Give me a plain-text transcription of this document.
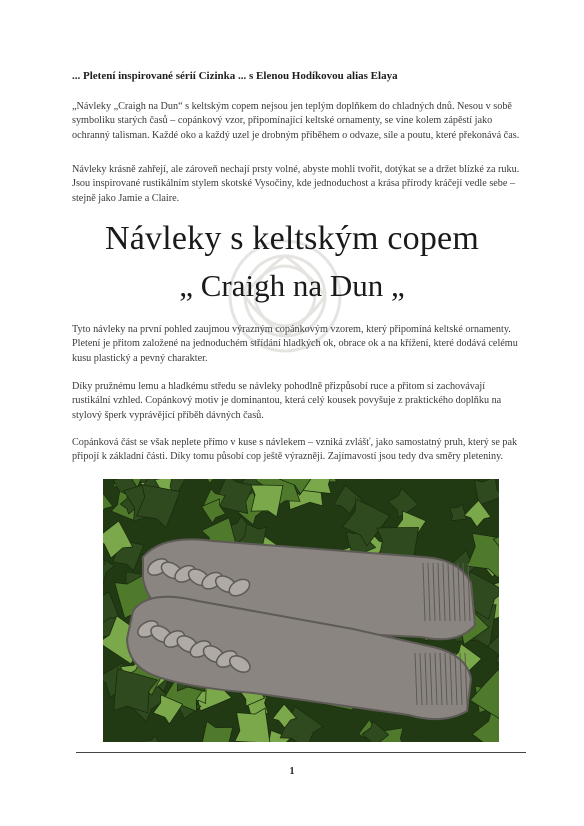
... Pletení inspirované sérií Cizinka ... s Elenou Hodíkovou alias Elaya

„Návleky „Craigh na Dun“ s keltským copem nejsou jen teplým doplňkem do chladných dnů. Nesou v sobě symboliku starých časů – copánkový vzor, připomínající keltské ornamenty, se vine kolem zápěstí jako ochranný talisman. Každé oko a každý uzel je drobným příběhem o odvaze, síle a poutu, které překonává čas.

Návleky krásně zahřejí, ale zároveň nechají prsty volné, abyste mohli tvořit, dotýkat se a držet blízké za ruku. Jsou inspirované rustikálním stylem skotské Vysočiny, kde jednoduchost a krása přírody kráčejí vedle sebe – stejně jako Jamie a Claire.

Návleky s keltským copem
„ Craigh na Dun „

Tyto návleky na první pohled zaujmou výrazným copánkovým vzorem, který připomíná keltské ornamenty. Pletení je přitom založené na jednoduchém střídání hladkých ok, obrace ok a na křížení, které dodává celému kusu plastický a pevný charakter.

Díky pružnému lemu a hladkému středu se návleky pohodlně přizpůsobí ruce a přitom si zachovávají rustikální vzhled. Copánkový motiv je dominantou, která celý kousek povyšuje z praktického doplňku na stylový šperk vyprávějící příběh dávných časů.

Copánková část se však neplete přímo v kuse s návlekem – vzniká zvlášť, jako samostatný pruh, který se pak připojí k základní části. Díky tomu působí cop ještě výrazněji. Zajímavostí jsou tedy dva směry pleteniny.

1
